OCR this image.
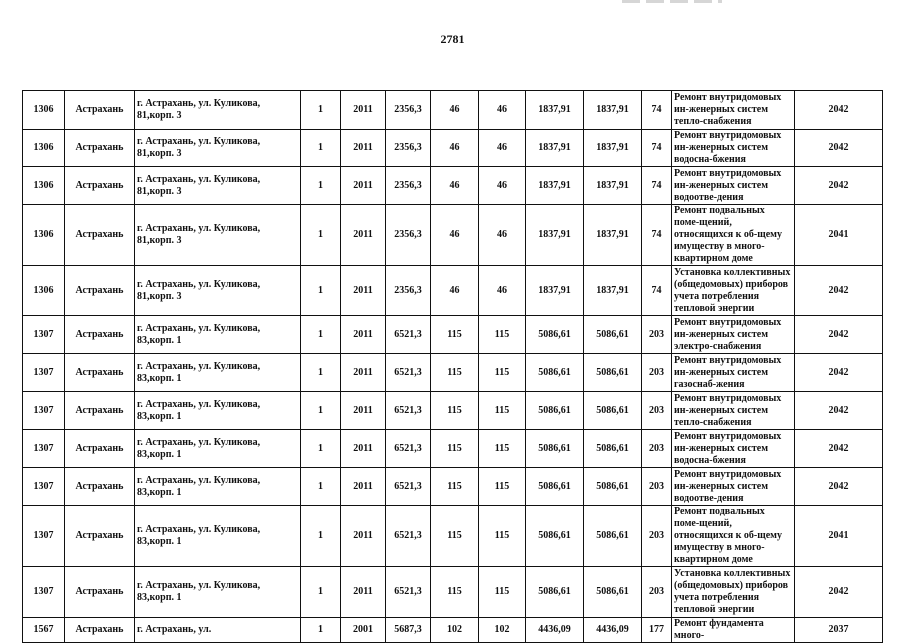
2781
1306	Астрахань	г. Астрахань, ул. Куликова, 81,корп. 3	1	2011	2356,3	46	46	1837,91	1837,91	74	Ремонт внутридомовых ин-женерных систем тепло-снабжения	2042
1306	Астрахань	г. Астрахань, ул. Куликова, 81,корп. 3	1	2011	2356,3	46	46	1837,91	1837,91	74	Ремонт внутридомовых ин-женерных систем водосна-бжения	2042
1306	Астрахань	г. Астрахань, ул. Куликова, 81,корп. 3	1	2011	2356,3	46	46	1837,91	1837,91	74	Ремонт внутридомовых ин-женерных систем водоотве-дения	2042
1306	Астрахань	г. Астрахань, ул. Куликова, 81,корп. 3	1	2011	2356,3	46	46	1837,91	1837,91	74	Ремонт подвальных поме-щений, относящихся к об-щему имуществу в много-квартирном доме	2041
1306	Астрахань	г. Астрахань, ул. Куликова, 81,корп. 3	1	2011	2356,3	46	46	1837,91	1837,91	74	Установка коллективных (общедомовых) приборов учета потребления тепловой энергии	2042
1307	Астрахань	г. Астрахань, ул. Куликова, 83,корп. 1	1	2011	6521,3	115	115	5086,61	5086,61	203	Ремонт внутридомовых ин-женерных систем электро-снабжения	2042
1307	Астрахань	г. Астрахань, ул. Куликова, 83,корп. 1	1	2011	6521,3	115	115	5086,61	5086,61	203	Ремонт внутридомовых ин-женерных систем газоснаб-жения	2042
1307	Астрахань	г. Астрахань, ул. Куликова, 83,корп. 1	1	2011	6521,3	115	115	5086,61	5086,61	203	Ремонт внутридомовых ин-женерных систем тепло-снабжения	2042
1307	Астрахань	г. Астрахань, ул. Куликова, 83,корп. 1	1	2011	6521,3	115	115	5086,61	5086,61	203	Ремонт внутридомовых ин-женерных систем водосна-бжения	2042
1307	Астрахань	г. Астрахань, ул. Куликова, 83,корп. 1	1	2011	6521,3	115	115	5086,61	5086,61	203	Ремонт внутридомовых ин-женерных систем водоотве-дения	2042
1307	Астрахань	г. Астрахань, ул. Куликова, 83,корп. 1	1	2011	6521,3	115	115	5086,61	5086,61	203	Ремонт подвальных поме-щений, относящихся к об-щему имуществу в много-квартирном доме	2041
1307	Астрахань	г. Астрахань, ул. Куликова, 83,корп. 1	1	2011	6521,3	115	115	5086,61	5086,61	203	Установка коллективных (общедомовых) приборов учета потребления тепловой энергии	2042
1567	Астрахань	г. Астрахань, ул.	1	2001	5687,3	102	102	4436,09	4436,09	177	Ремонт фундамента много-	2037
